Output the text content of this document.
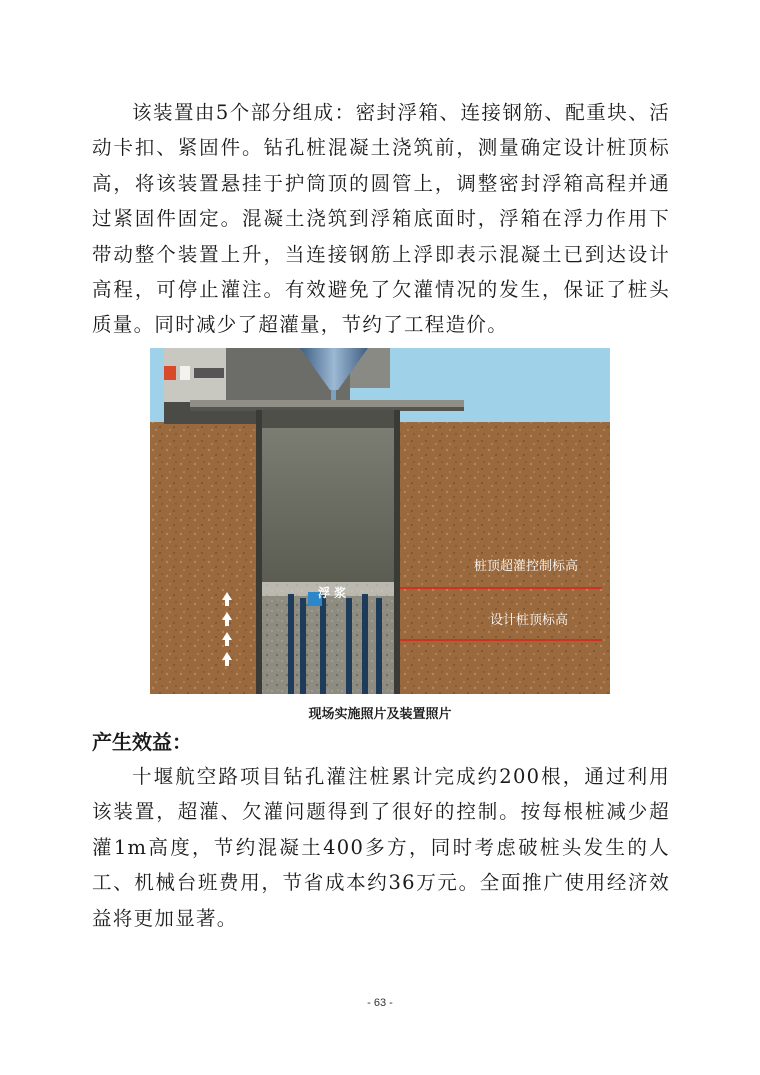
该装置由5个部分组成：密封浮箱、连接钢筋、配重块、活动卡扣、紧固件。钻孔桩混凝土浇筑前，测量确定设计桩顶标高，将该装置悬挂于护筒顶的圆管上，调整密封浮箱高程并通过紧固件固定。混凝土浇筑到浮箱底面时，浮箱在浮力作用下带动整个装置上升，当连接钢筋上浮即表示混凝土已到达设计高程，可停止灌注。有效避免了欠灌情况的发生，保证了桩头质量。同时减少了超灌量，节约了工程造价。

桩顶超灌控制标高
设计桩顶标高
浮 浆
现场实施照片及装置照片
产生效益：

十堰航空路项目钻孔灌注桩累计完成约200根，通过利用该装置，超灌、欠灌问题得到了很好的控制。按每根桩减少超灌1m高度，节约混凝土400多方，同时考虑破桩头发生的人工、机械台班费用，节省成本约36万元。全面推广使用经济效益将更加显著。

- 63 -
